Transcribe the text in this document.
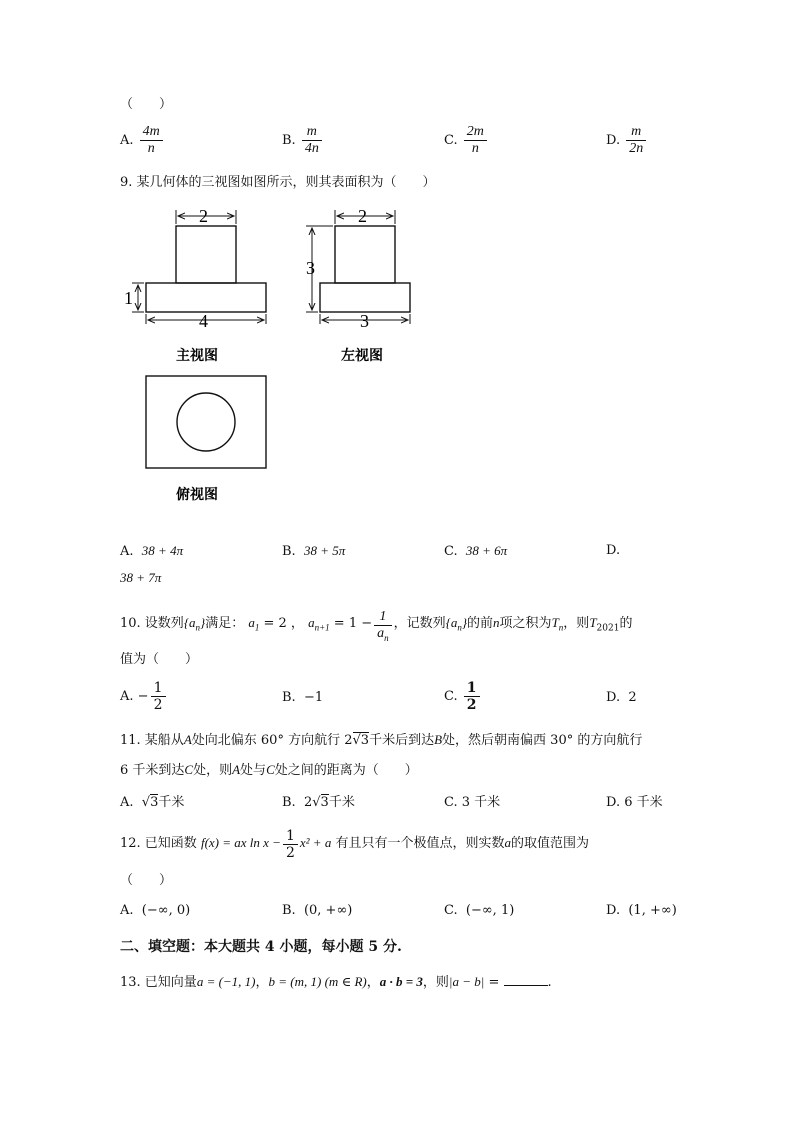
（　　）
A. $\frac{4m}{n}$	B. $\frac{m}{4n}$	C. $\frac{2m}{n}$	D. $\frac{m}{2n}$
9. 某几何体的三视图如图所示，则其表面积为（　　）
2
4
1
主视图
2
3
3
左视图
俯视图
A. 38 + 4π	B. 38 + 5π	C. 38 + 6π	D.
38 + 7π
10. 设数列$\{a_n\}$满足： $a_1 = 2$ ， $a_{n+1} = 1 - \frac{1}{a_n}$ ，记数列$\{a_n\}$的前n项之积为$T_n$，则$T_{2021}$的
值为（　　）
A. − $\frac{1}{2}$	B. −1	C. $\frac{1}{2}$	D. 2
11. 某船从A处向北偏东 60° 方向航行 2√3千米后到达B处，然后朝南偏西 30° 的方向航行
6 千米到达C处，则A处与C处之间的距离为（　　）
A. √3千米	B. 2√3千米	C. 3 千米	D. 6 千米
12. 已知函数 f(x) = ax $\ln x - \frac{1}{2} x^2 + a$ 有且只有一个极值点，则实数a的取值范围为
（　　）
A. (−∞, 0)	B. (0, +∞)	C. (−∞, 1)	D. (1, +∞)
二、填空题：本大题共 4 小题，每小题 5 分.
13. 已知向量a = (−1, 1)，b = (m, 1) (m ∈ R)，a · b = 3，则|a − b| =	.
